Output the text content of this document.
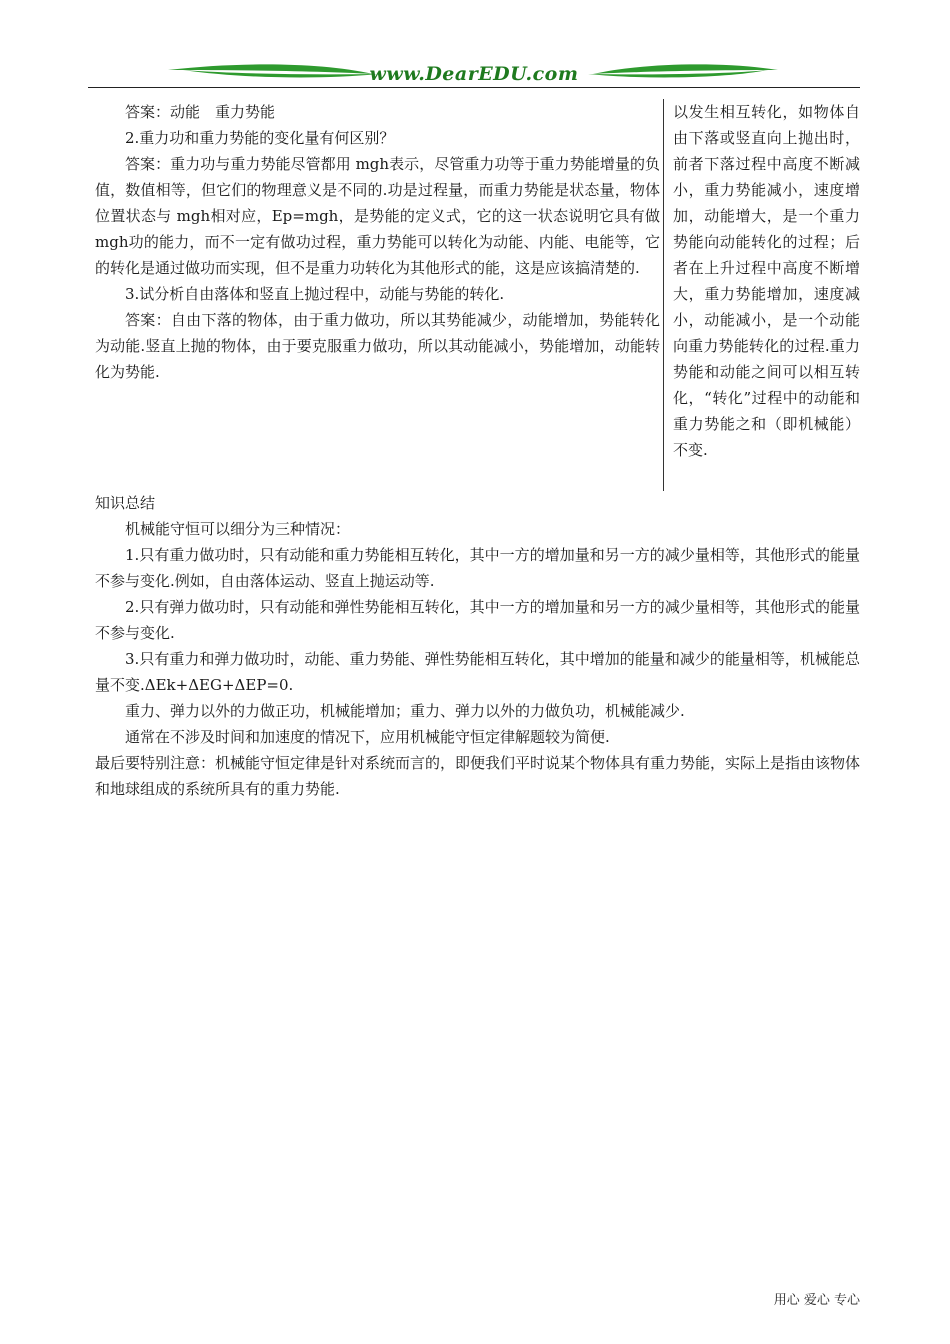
www.DearEDU.com

答案：动能　重力势能

2.重力功和重力势能的变化量有何区别？

答案：重力功与重力势能尽管都用 mgh表示，尽管重力功等于重力势能增量的负值，数值相等，但它们的物理意义是不同的.功是过程量，而重力势能是状态量，物体位置状态与 mgh相对应，Ep=mgh，是势能的定义式，它的这一状态说明它具有做 mgh功的能力，而不一定有做功过程，重力势能可以转化为动能、内能、电能等，它的转化是通过做功而实现，但不是重力功转化为其他形式的能，这是应该搞清楚的.

3.试分析自由落体和竖直上抛过程中，动能与势能的转化.

答案：自由下落的物体，由于重力做功，所以其势能减少，动能增加，势能转化为动能.竖直上抛的物体，由于要克服重力做功，所以其动能减小，势能增加，动能转化为势能.

以发生相互转化，如物体自由下落或竖直向上抛出时，前者下落过程中高度不断减小，重力势能减小，速度增加，动能增大，是一个重力势能向动能转化的过程；后者在上升过程中高度不断增大，重力势能增加，速度减小，动能减小，是一个动能向重力势能转化的过程.重力势能和动能之间可以相互转化，“转化”过程中的动能和重力势能之和（即机械能）不变.

知识总结

机械能守恒可以细分为三种情况：

1.只有重力做功时，只有动能和重力势能相互转化，其中一方的增加量和另一方的减少量相等，其他形式的能量不参与变化.例如，自由落体运动、竖直上抛运动等.

2.只有弹力做功时，只有动能和弹性势能相互转化，其中一方的增加量和另一方的减少量相等，其他形式的能量不参与变化.

3.只有重力和弹力做功时，动能、重力势能、弹性势能相互转化，其中增加的能量和减少的能量相等，机械能总量不变.ΔEk+ΔEG+ΔEP=0.

重力、弹力以外的力做正功，机械能增加；重力、弹力以外的力做负功，机械能减少.

通常在不涉及时间和加速度的情况下，应用机械能守恒定律解题较为简便.

最后要特别注意：机械能守恒定律是针对系统而言的，即便我们平时说某个物体具有重力势能，实际上是指由该物体和地球组成的系统所具有的重力势能.

用心 爱心 专心
